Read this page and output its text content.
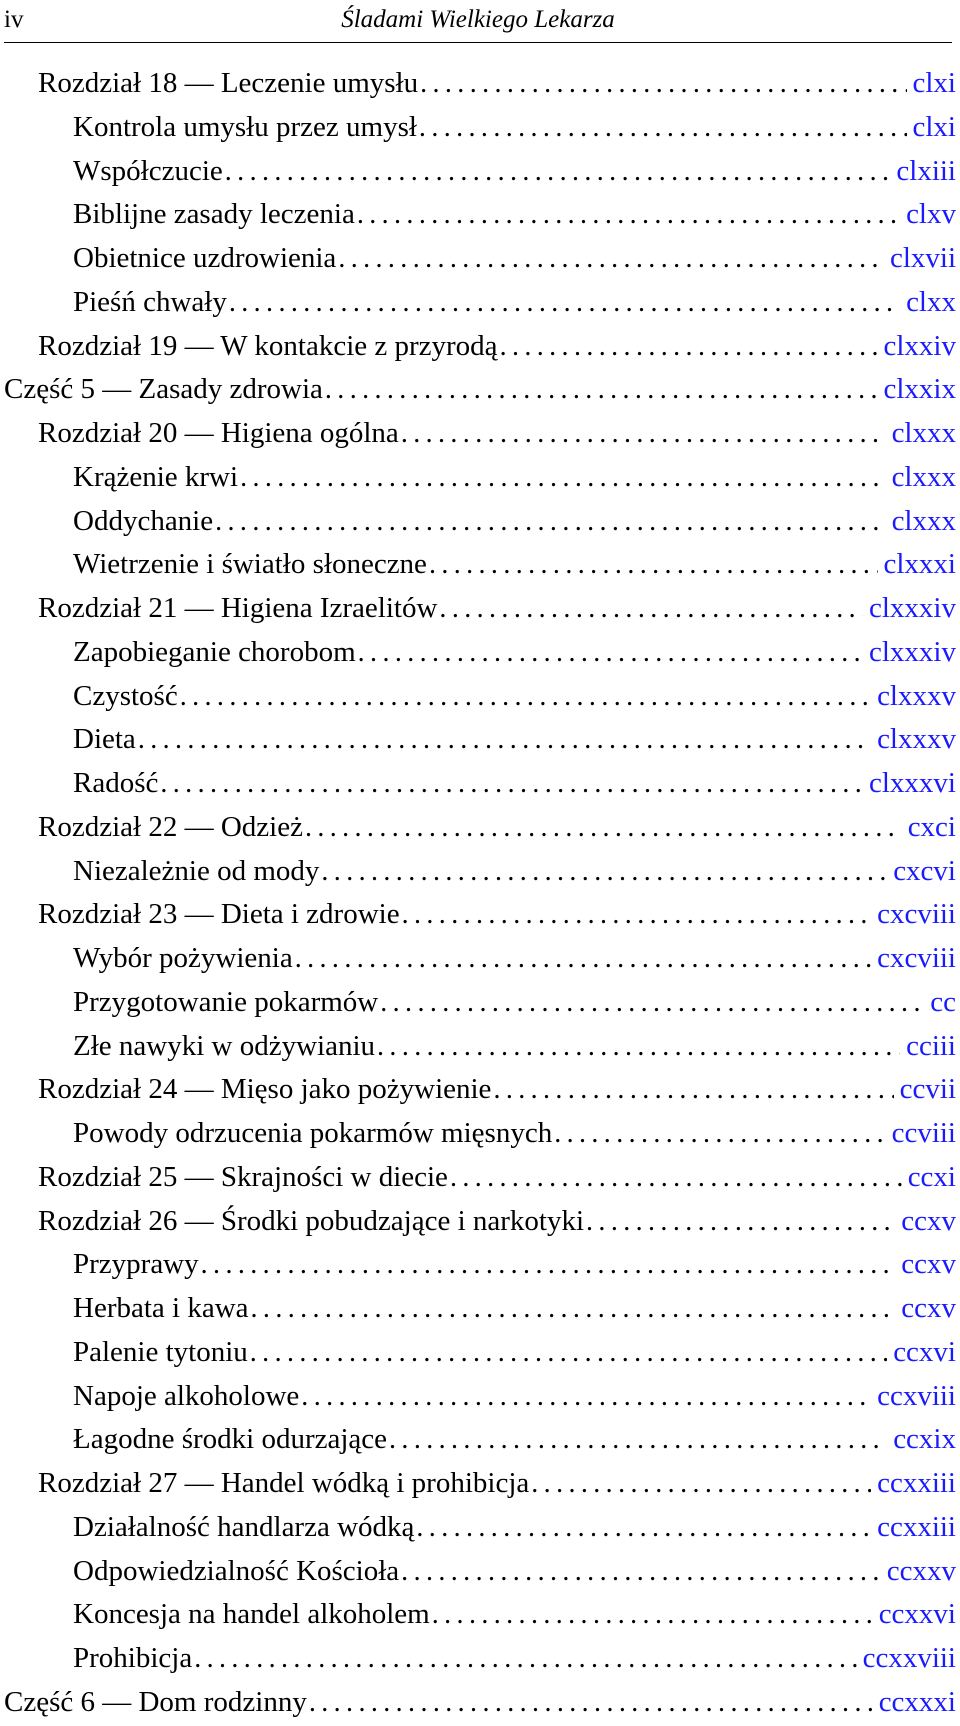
iv	Śladami Wielkiego Lekarza
Rozdział 18 — Leczenie umysłu .....	clxi
Kontrola umysłu przez umysł .....	clxi
Współczucie .....	clxiii
Biblijne zasady leczenia .....	clxv
Obietnice uzdrowienia .....	clxvii
Pieśń chwały .....	clxx
Rozdział 19 — W kontakcie z przyrodą .....	clxxiv
Część 5 — Zasady zdrowia .....	clxxix
Rozdział 20 — Higiena ogólna .....	clxxx
Krążenie krwi .....	clxxx
Oddychanie .....	clxxx
Wietrzenie i światło słoneczne .....	clxxxi
Rozdział 21 — Higiena Izraelitów .....	clxxxiv
Zapobieganie chorobom .....	clxxxiv
Czystość .....	clxxxv
Dieta .....	clxxxv
Radość .....	clxxxvi
Rozdział 22 — Odzież .....	cxci
Niezależnie od mody .....	cxcvi
Rozdział 23 — Dieta i zdrowie .....	cxcviii
Wybór pożywienia .....	cxcviii
Przygotowanie pokarmów .....	cc
Złe nawyki w odżywianiu .....	cciii
Rozdział 24 — Mięso jako pożywienie .....	ccvii
Powody odrzucenia pokarmów mięsnych .....	ccviii
Rozdział 25 — Skrajności w diecie .....	ccxi
Rozdział 26 — Środki pobudzające i narkotyki .....	ccxv
Przyprawy .....	ccxv
Herbata i kawa .....	ccxv
Palenie tytoniu .....	ccxvi
Napoje alkoholowe .....	ccxviii
Łagodne środki odurzające .....	ccxix
Rozdział 27 — Handel wódką i prohibicja .....	ccxxiii
Działalność handlarza wódką .....	ccxxiii
Odpowiedzialność Kościoła .....	ccxxv
Koncesja na handel alkoholem .....	ccxxvi
Prohibicja .....	ccxxviii
Część 6 — Dom rodzinny .....	ccxxxi
